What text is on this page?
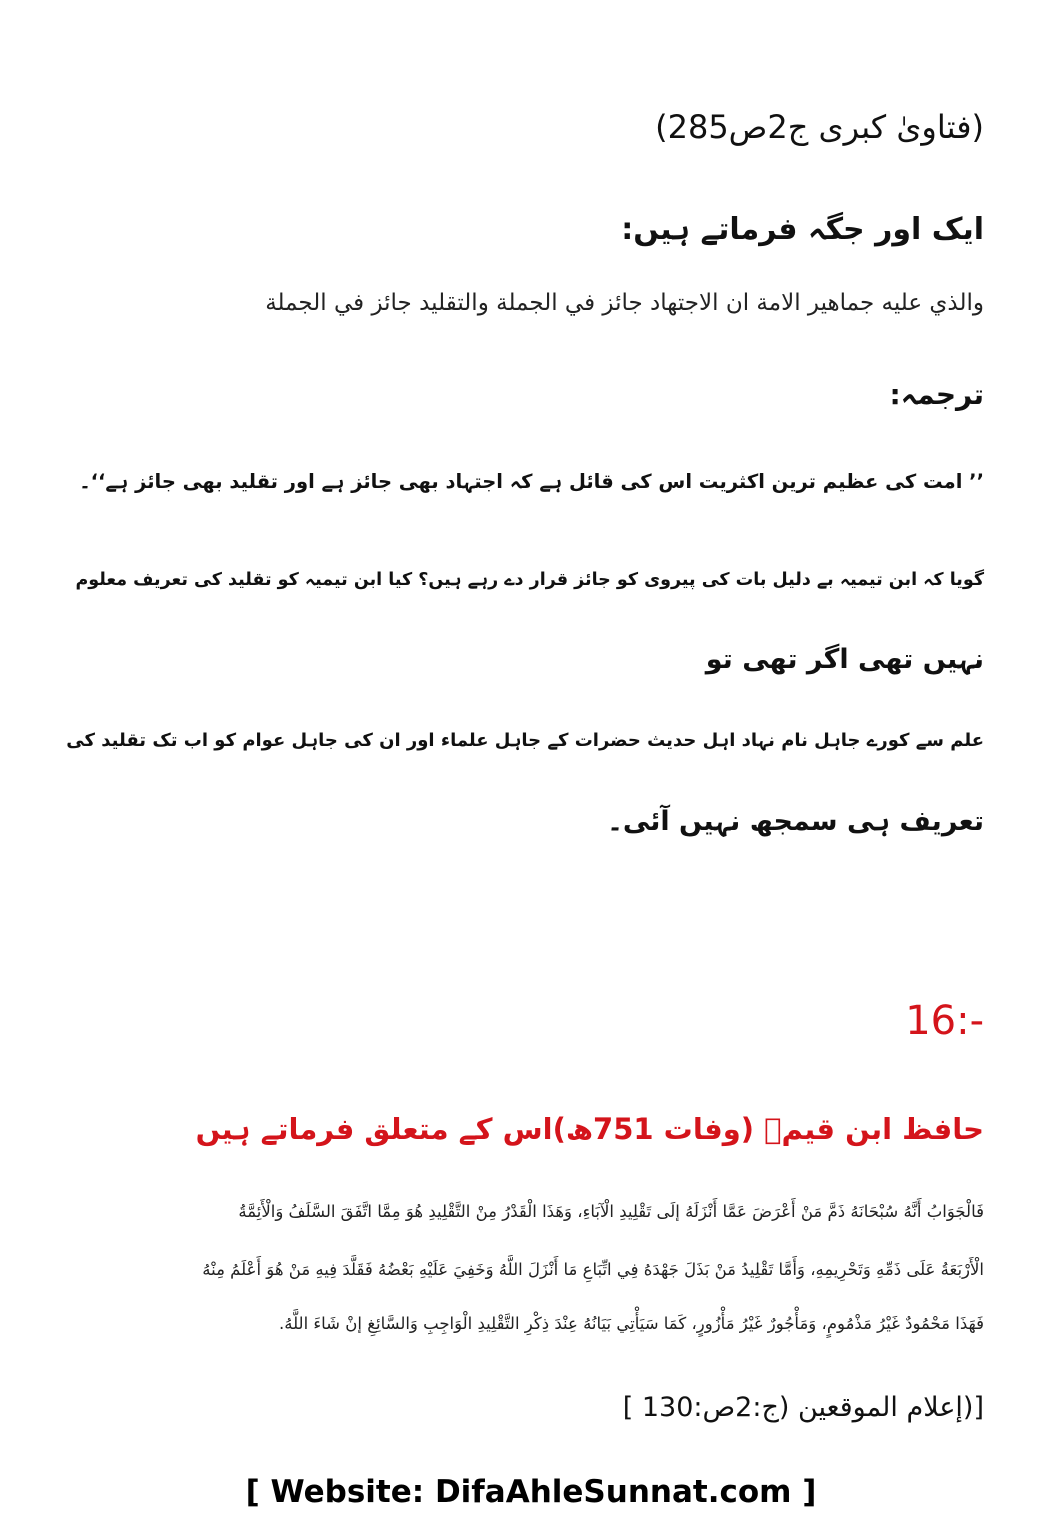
(فتاویٰ کبری ج2ص285)
ایک اور جگہ فرماتے ہیں:
والذي عليه جماهير الامة ان الاجتهاد جائز في الجملة والتقليد جائز في الجملة
ترجمہ:
’’ امت کی عظیم ترین اکثریت اس کی قائل ہے کہ اجتہاد بھی جائز ہے اور تقلید بھی جائز ہے‘‘۔
گویا کہ ابن تیمیہ بے دلیل بات کی پیروی کو جائز قرار دے رہے ہیں؟ کیا ابن تیمیہ کو تقلید کی تعریف معلوم
نہیں تھی اگر تھی تو
علم سے کورے جاہل نام نہاد اہل حدیث حضرات کے جاہل علماء اور ان کی جاہل عوام کو اب تک تقلید کی
تعریف ہی سمجھ نہیں آئی۔
16:-
حافظ ابن قیمؒ (وفات 751ھ)اس کے متعلق فرماتے ہیں
فَالْجَوَابُ أَنَّهُ سُبْحَانَهُ ذَمَّ مَنْ أَعْرَضَ عَمَّا أَنْزَلَهُ إلَى تَقْلِيدِ الْآبَاءِ، وَهَذَا الْقَدْرُ مِنْ التَّقْلِيدِ هُوَ مِمَّا اتَّفَقَ السَّلَفُ وَالْأَئِمَّةُ
الْأَرْبَعَةُ عَلَى ذَمِّهِ وَتَحْرِيمِهِ، وَأَمَّا تَقْلِيدُ مَنْ بَذَلَ جَهْدَهُ فِي اتِّبَاعِ مَا أَنْزَلَ اللَّهُ وَخَفِيَ عَلَيْهِ بَعْضُهُ فَقَلَّدَ فِيهِ مَنْ هُوَ أَعْلَمُ مِنْهُ
فَهَذَا مَحْمُودٌ غَيْرُ مَذْمُومٍ، وَمَأْجُورٌ غَيْرُ مَأْزُورٍ، كَمَا سَيَأْتِي بَيَانُهُ عِنْدَ ذِكْرِ التَّقْلِيدِ الْوَاجِبِ وَالسَّائِغِ إنْ شَاءَ اللَّهُ.
[(إعلام الموقعين (ج:2ص:130 ]
[ Website: DifaAhleSunnat.com ]
